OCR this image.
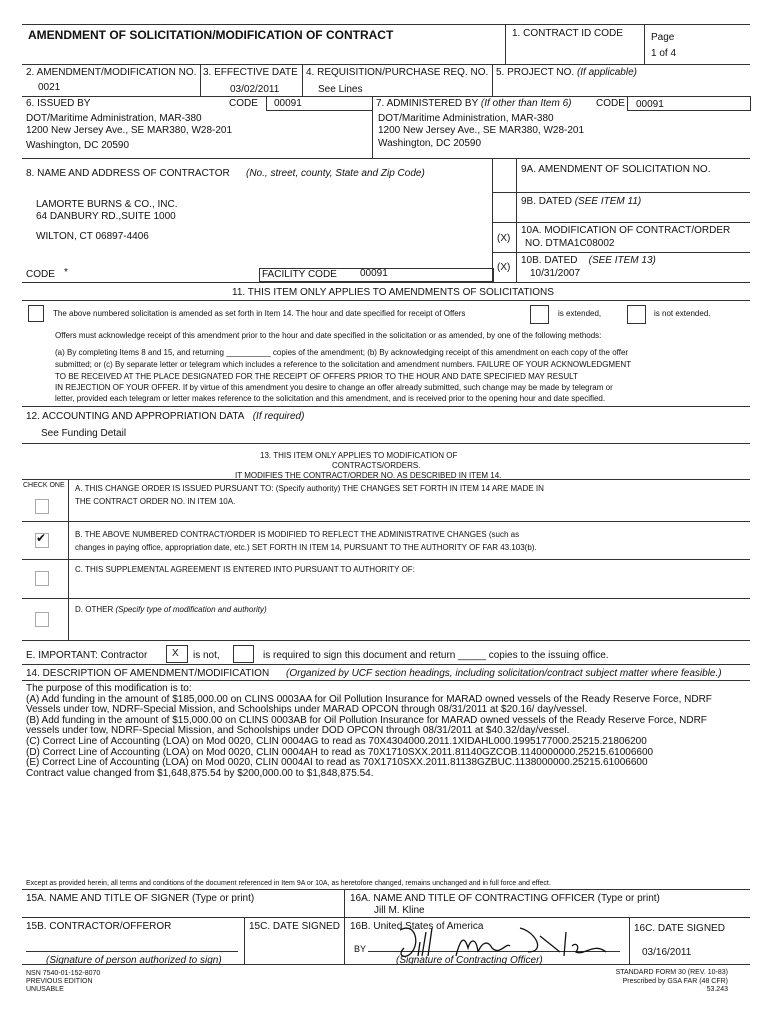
AMENDMENT OF SOLICITATION/MODIFICATION OF CONTRACT	1. CONTRACT ID CODE	Page
1 of 4
2. AMENDMENT/MODIFICATION NO.
0021
3. EFFECTIVE DATE
03/02/2011
4. REQUISITION/PURCHASE REQ. NO.
See Lines
5. PROJECT NO. (If applicable)
6. ISSUED BY	CODE 00091
DOT/Maritime Administration, MAR-380
1200 New Jersey Ave., SE MAR380, W28-201
Washington, DC 20590
7. ADMINISTERED BY (If other than Item 6) CODE 00091
DOT/Maritime Administration, MAR-380
1200 New Jersey Ave., SE MAR380, W28-201
Washington, DC 20590
8. NAME AND ADDRESS OF CONTRACTOR (No., street, county, State and Zip Code)
LAMORTE BURNS & CO., INC.
64 DANBURY RD.,SUITE 1000
WILTON, CT 06897-4406
CODE *	FACILITY CODE 00091
9A. AMENDMENT OF SOLICITATION NO.
9B. DATED (SEE ITEM 11)
(X)
10A. MODIFICATION OF CONTRACT/ORDER
NO. DTMA1C08002
(X)
10B. DATED (SEE ITEM 13)
10/31/2007
11. THIS ITEM ONLY APPLIES TO AMENDMENTS OF SOLICITATIONS
The above numbered solicitation is amended as set forth in Item 14. The hour and date specified for receipt of Offers	is extended,	is not extended.
Offers must acknowledge receipt of this amendment prior to the hour and date specified in the solicitation or as amended, by one of the following methods:
(a) By completing Items 8 and 15, and returning __________ copies of the amendment; (b) By acknowledging receipt of this amendment on each copy of the offer
submitted; or (c) By separate letter or telegram which includes a reference to the solicitation and amendment numbers. FAILURE OF YOUR ACKNOWLEDGMENT
TO BE RECEIVED AT THE PLACE DESIGNATED FOR THE RECEIPT OF OFFERS PRIOR TO THE HOUR AND DATE SPECIFIED MAY RESULT
IN REJECTION OF YOUR OFFER. If by virtue of this amendment you desire to change an offer already submitted, such change may be made by telegram or
letter, provided each telegram or letter makes reference to the solicitation and this amendment, and is received prior to the opening hour and date specified.
12. ACCOUNTING AND APPROPRIATION DATA (If required)
See Funding Detail
13. THIS ITEM ONLY APPLIES TO MODIFICATION OF
CONTRACTS/ORDERS.
IT MODIFIES THE CONTRACT/ORDER NO. AS DESCRIBED IN ITEM 14.
CHECK ONE A. THIS CHANGE ORDER IS ISSUED PURSUANT TO: (Specify authority) THE CHANGES SET FORTH IN ITEM 14 ARE MADE IN
THE CONTRACT ORDER NO. IN ITEM 10A.
✔	B. THE ABOVE NUMBERED CONTRACT/ORDER IS MODIFIED TO REFLECT THE ADMINISTRATIVE CHANGES (such as
changes in paying office, appropriation date, etc.) SET FORTH IN ITEM 14, PURSUANT TO THE AUTHORITY OF FAR 43.103(b).
C. THIS SUPPLEMENTAL AGREEMENT IS ENTERED INTO PURSUANT TO AUTHORITY OF:
D. OTHER (Specify type of modification and authority)
E. IMPORTANT: Contractor X is not,	is required to sign this document and return _____ copies to the issuing office.
14. DESCRIPTION OF AMENDMENT/MODIFICATION (Organized by UCF section headings, including solicitation/contract subject matter where feasible.)
The purpose of this modification is to:
(A) Add funding in the amount of $185,000.00 on CLINS 0003AA for Oil Pollution Insurance for MARAD owned vessels of the Ready Reserve Force, NDRF
Vessels under tow, NDRF-Special Mission, and Schoolships under MARAD OPCON through 08/31/2011 at $20.16/ day/vessel.
(B) Add funding in the amount of $15,000.00 on CLINS 0003AB for Oil Pollution Insurance for MARAD owned vessels of the Ready Reserve Force, NDRF
vessels under tow, NDRF-Special Mission, and Schoolships under DOD OPCON through 08/31/2011 at $40.32/day/vessel.
(C) Correct Line of Accounting (LOA) on Mod 0020, CLIN 0004AG to read as 70X4304000.2011.1XIDAHL000.1995177000.25215.21806200
(D) Correct Line of Accounting (LOA) on Mod 0020, CLIN 0004AH to read as 70X1710SXX.2011.81140GZCOB.1140000000.25215.61006600
(E) Correct Line of Accounting (LOA) on Mod 0020, CLIN 0004AI to read as 70X1710SXX.2011.81138GZBUC.1138000000.25215.61006600
Contract value changed from $1,648,875.54 by $200,000.00 to $1,848,875.54.
Except as provided herein, all terms and conditions of the document referenced in Item 9A or 10A, as heretofore changed, remains unchanged and in full force and effect.
15A. NAME AND TITLE OF SIGNER (Type or print)	16A. NAME AND TITLE OF CONTRACTING OFFICER (Type or print)
Jill M. Kline
15B. CONTRACTOR/OFFEROR	15C. DATE SIGNED 16B. United States of America	16C. DATE SIGNED
BY	03/16/2011
(Signature of person authorized to sign)	(Signature of Contracting Officer)
NSN 7540-01-152-8070
PREVIOUS EDITION
UNUSABLE
STANDARD FORM 30 (REV. 10-83)
Prescribed by GSA FAR (48 CFR)
53.243
